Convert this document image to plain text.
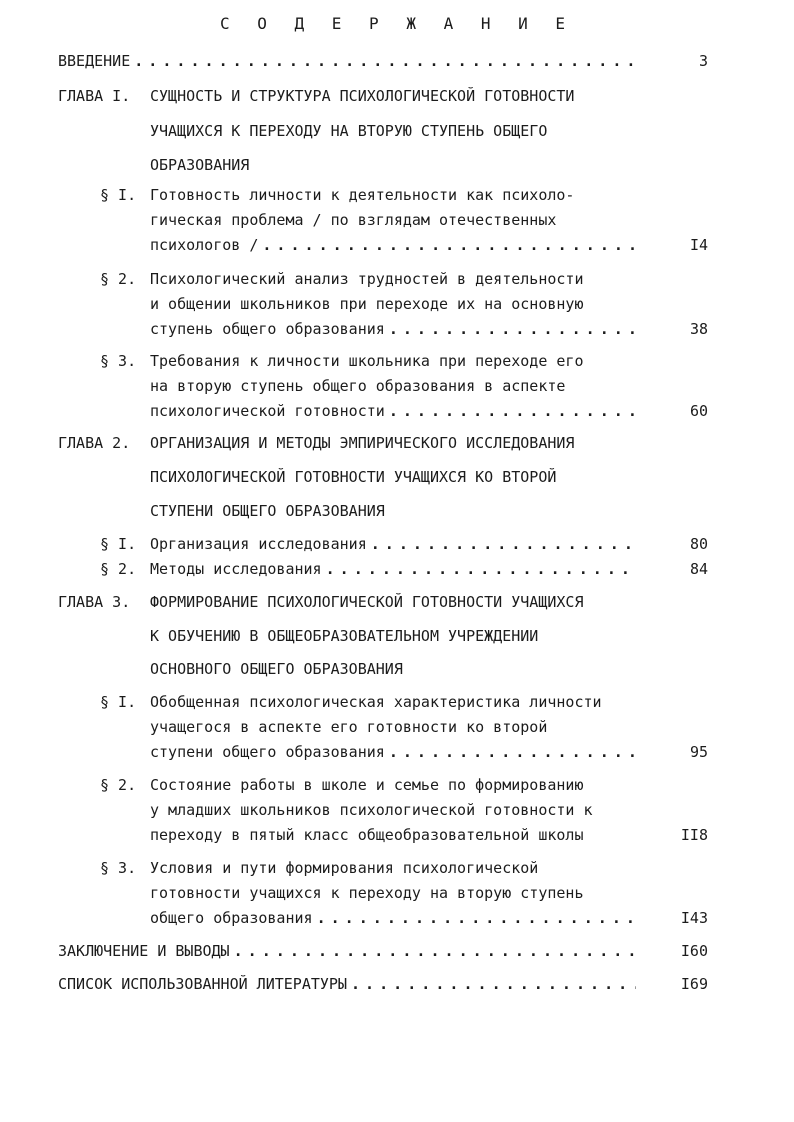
С О Д Е Р Ж А Н И Е
ВВЕДЕНИЕ . . .	3
ГЛАВА I. СУЩНОСТЬ И СТРУКТУРА ПСИХОЛОГИЧЕСКОЙ ГОТОВНОСТИ
УЧАЩИХСЯ К ПЕРЕХОДУ НА ВТОРУЮ СТУПЕНЬ ОБЩЕГО
ОБРАЗОВАНИЯ
§ I. Готовность личности к деятельности как психоло-
гическая проблема / по взглядам отечественных
психологов / . . .	I4
§ 2. Психологический анализ трудностей в деятельности
и общении школьников при переходе их на основную
ступень общего образования . . .	38
§ 3. Требования к личности школьника при переходе его
на вторую ступень общего образования в аспекте
психологической готовности . . .	60
ГЛАВА 2. ОРГАНИЗАЦИЯ И МЕТОДЫ ЭМПИРИЧЕСКОГО ИССЛЕДОВАНИЯ
ПСИХОЛОГИЧЕСКОЙ ГОТОВНОСТИ УЧАЩИХСЯ КО ВТОРОЙ
СТУПЕНИ ОБЩЕГО ОБРАЗОВАНИЯ
§ I. Организация исследования . . .	80
§ 2. Методы исследования . . .	84
ГЛАВА 3. ФОРМИРОВАНИЕ ПСИХОЛОГИЧЕСКОЙ ГОТОВНОСТИ УЧАЩИХСЯ
К ОБУЧЕНИЮ В ОБЩЕОБРАЗОВАТЕЛЬНОМ УЧРЕЖДЕНИИ
ОСНОВНОГО ОБЩЕГО ОБРАЗОВАНИЯ
§ I. Обобщенная психологическая характеристика личности
учащегося в аспекте его готовности ко второй
ступени общего образования . . .	95
§ 2. Состояние работы в школе и семье по формированию
у младших школьников психологической готовности к
переходу в пятый класс общеобразовательной школы	II8
§ 3. Условия и пути формирования психологической
готовности учащихся к переходу на вторую ступень
общего образования . . .	I43
ЗАКЛЮЧЕНИЕ И ВЫВОДЫ . . .	I60
СПИСОК ИСПОЛЬЗОВАННОЙ ЛИТЕРАТУРЫ . . .	I69
